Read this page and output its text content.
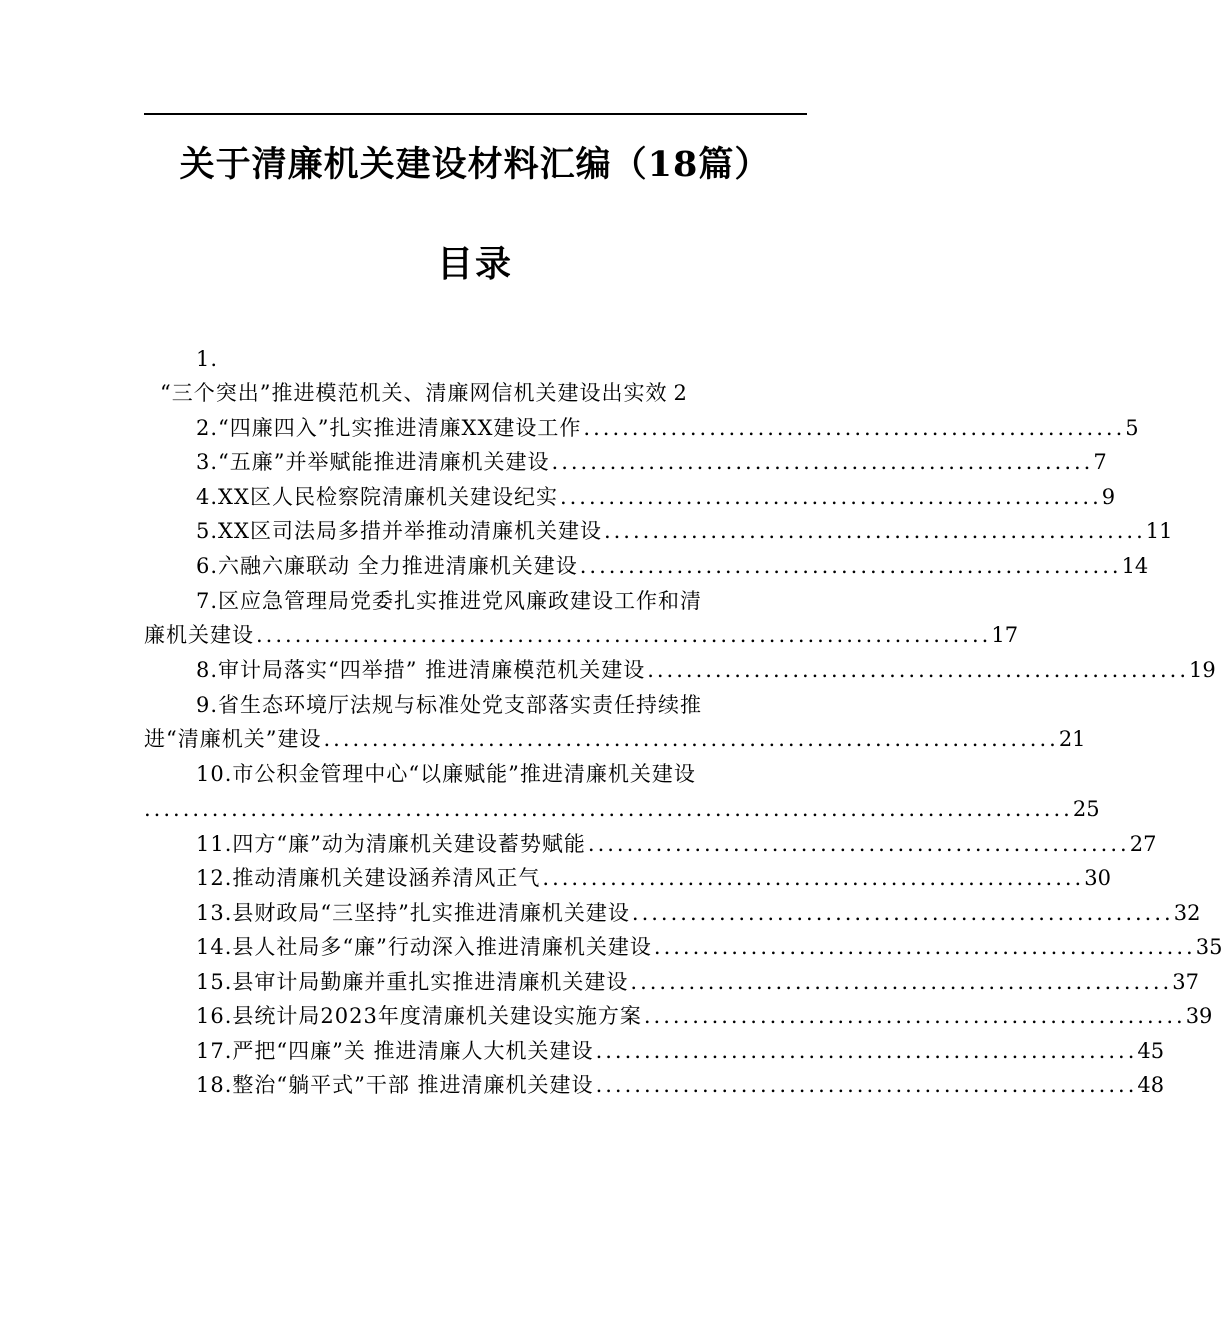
关于清廉机关建设材料汇编（18篇）
目录
1.
“三个突出”推进模范机关、清廉网信机关建设出实效 2
2.“四廉四入”扎实推进清廉XX建设工作 ........................................................ 5
3.“五廉”并举赋能推进清廉机关建设 ........................................................ 7
4.XX区人民检察院清廉机关建设纪实 ........................................................ 9
5.XX区司法局多措并举推动清廉机关建设 ........................................................ 11
6.六融六廉联动 全力推进清廉机关建设 ........................................................ 14
7. 区应急管理局党委扎实推进党风廉政建设工作和清
廉机关建设 ............................................................................ 17
8.审计局落实“四举措” 推进清廉模范机关建设 ........................................................ 19
9. 省生态环境厅法规与标准处党支部落实责任持续推
进“清廉机关”建设 ............................................................................ 21
10. 市公积金管理中心“以廉赋能”推进清廉机关建设
................................................................................................ 25
11.四方“廉”动为清廉机关建设蓄势赋能 ........................................................ 27
12.推动清廉机关建设涵养清风正气 ........................................................ 30
13.县财政局“三坚持”扎实推进清廉机关建设 ........................................................ 32
14.县人社局多“廉”行动深入推进清廉机关建设 ........................................................ 35
15.县审计局勤廉并重扎实推进清廉机关建设 ........................................................ 37
16.县统计局2023年度清廉机关建设实施方案 ........................................................ 39
17.严把“四廉”关 推进清廉人大机关建设 ........................................................ 45
18.整治“躺平式”干部 推进清廉机关建设 ........................................................ 48
